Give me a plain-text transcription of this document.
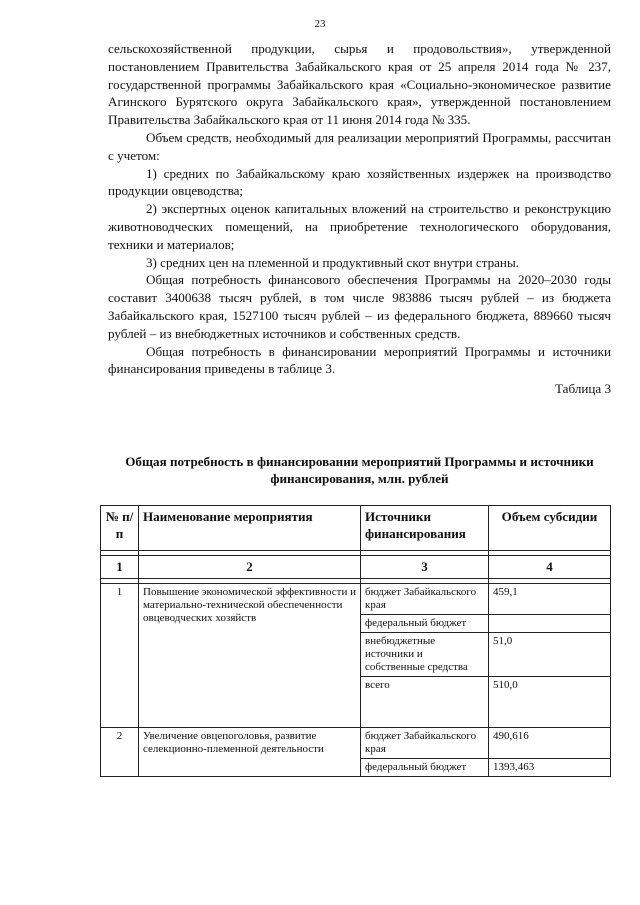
23

сельскохозяйственной продукции, сырья и продовольствия», утвержденной постановлением Правительства Забайкальского края от 25 апреля 2014 года № 237, государственной программы Забайкальского края «Социально-экономическое развитие Агинского Бурятского округа Забайкальского края», утвержденной постановлением Правительства Забайкальского края от 11 июня 2014 года № 335.

Объем средств, необходимый для реализации мероприятий Программы, рассчитан с учетом:

1) средних по Забайкальскому краю хозяйственных издержек на производство продукции овцеводства;

2) экспертных оценок капитальных вложений на строительство и реконструкцию животноводческих помещений, на приобретение технологического оборудования, техники и материалов;

3) средних цен на племенной и продуктивный скот внутри страны.

Общая потребность финансового обеспечения Программы на 2020–2030 годы составит 3400638 тысяч рублей, в том числе 983886 тысяч рублей – из бюджета Забайкальского края, 1527100 тысяч рублей – из федерального бюджета, 889660 тысяч рублей – из внебюджетных источников и собственных средств.

Общая потребность в финансировании мероприятий Программы и источники финансирования приведены в таблице 3.

Таблица 3

Общая потребность в финансировании мероприятий Программы и источники финансирования, млн. рублей
№ п/п	Наименование мероприятия	Источники финансирования	Объем субсидии

1	2	3	4

1	Повышение экономической эффективности и материально-технической обеспеченности овцеводческих хозяйств	бюджет Забайкальского края	459,1
		федеральный бюджет	
		внебюджетные источники и собственные средства	51,0
		всего	510,0
2	Увеличение овцепоголовья, развитие селекционно-племенной деятельности	бюджет Забайкальского края	490,616
		федеральный бюджет	1393,463
